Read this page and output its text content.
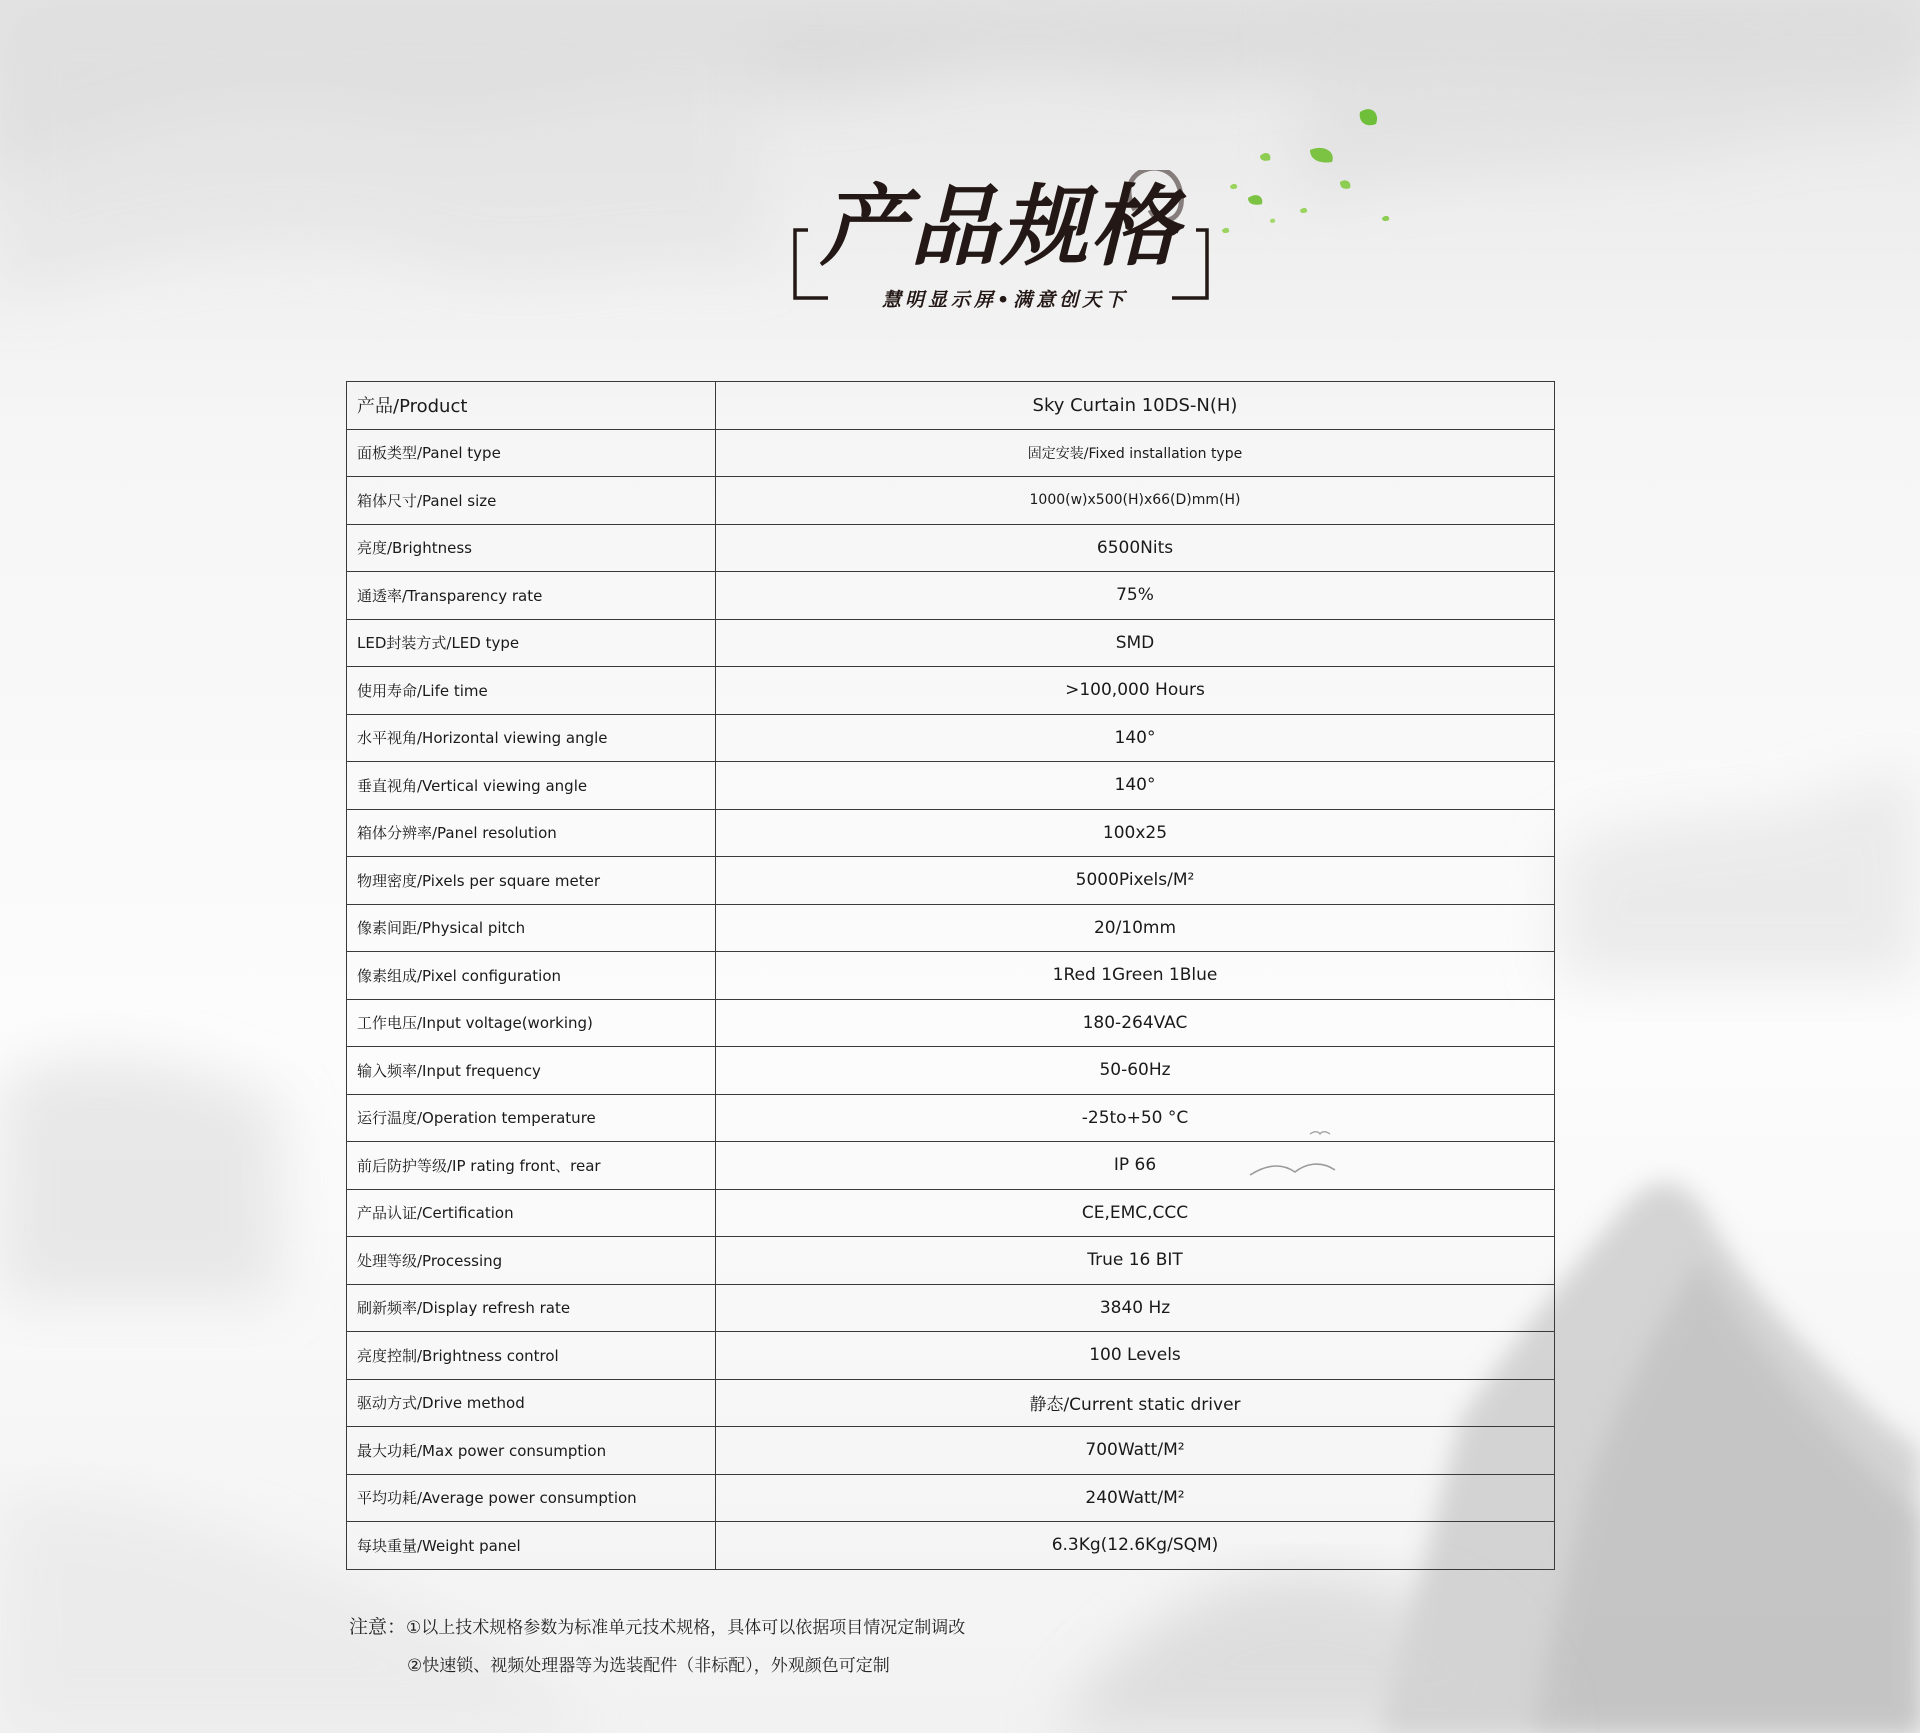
产品规格
慧明显示屏•满意创天下
产品/Product	Sky Curtain 10DS-N(H)
面板类型/Panel type	固定安装/Fixed installation type
箱体尺寸/Panel size	1000(w)x500(H)x66(D)mm(H)
亮度/Brightness	6500Nits
通透率/Transparency rate	75%
LED封装方式/LED type	SMD
使用寿命/Life time	>100,000 Hours
水平视角/Horizontal viewing angle	140°
垂直视角/Vertical viewing angle	140°
箱体分辨率/Panel resolution	100x25
物理密度/Pixels per square meter	5000Pixels/M²
像素间距/Physical pitch	20/10mm
像素组成/Pixel configuration	1Red 1Green 1Blue
工作电压/Input voltage(working)	180-264VAC
输入频率/Input frequency	50-60Hz
运行温度/Operation temperature	-25to+50 °C
前后防护等级/IP rating front、rear	IP 66
产品认证/Certification	CE,EMC,CCC
处理等级/Processing	True 16 BIT
刷新频率/Display refresh rate	3840 Hz
亮度控制/Brightness control	100 Levels
驱动方式/Drive method	静态/Current static driver
最大功耗/Max power consumption	700Watt/M²
平均功耗/Average power consumption	240Watt/M²
每块重量/Weight panel	6.3Kg(12.6Kg/SQM)
注意：①以上技术规格参数为标准单元技术规格，具体可以依据项目情况定制调改
②快速锁、视频处理器等为选装配件（非标配），外观颜色可定制
